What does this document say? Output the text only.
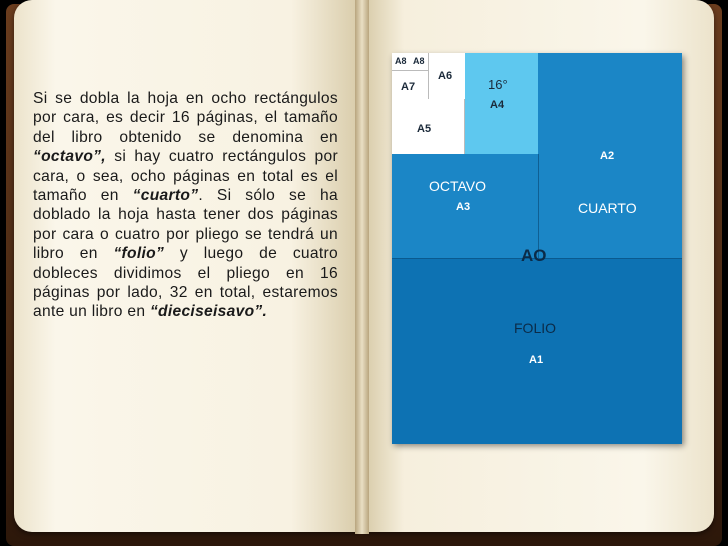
Si se dobla la hoja en ocho rectángulos por cara, es decir 16 páginas, el tamaño del libro obtenido se denomina en “octavo”, si hay cuatro rectángulos por cara, o sea, ocho páginas en total es el tamaño en “cuarto”. Si sólo se ha doblado la hoja hasta tener dos páginas por cara o cuatro por pliego se tendrá un libro en “folio” y luego de cuatro dobleces dividimos el pliego en 16 páginas por lado, 32 en total, estaremos ante un libro en “dieciseisavo”.
A8 A8
A7
A6
A5
16°
A4
A2
OCTAVO
A3	CUARTO
AO
FOLIO
A1
